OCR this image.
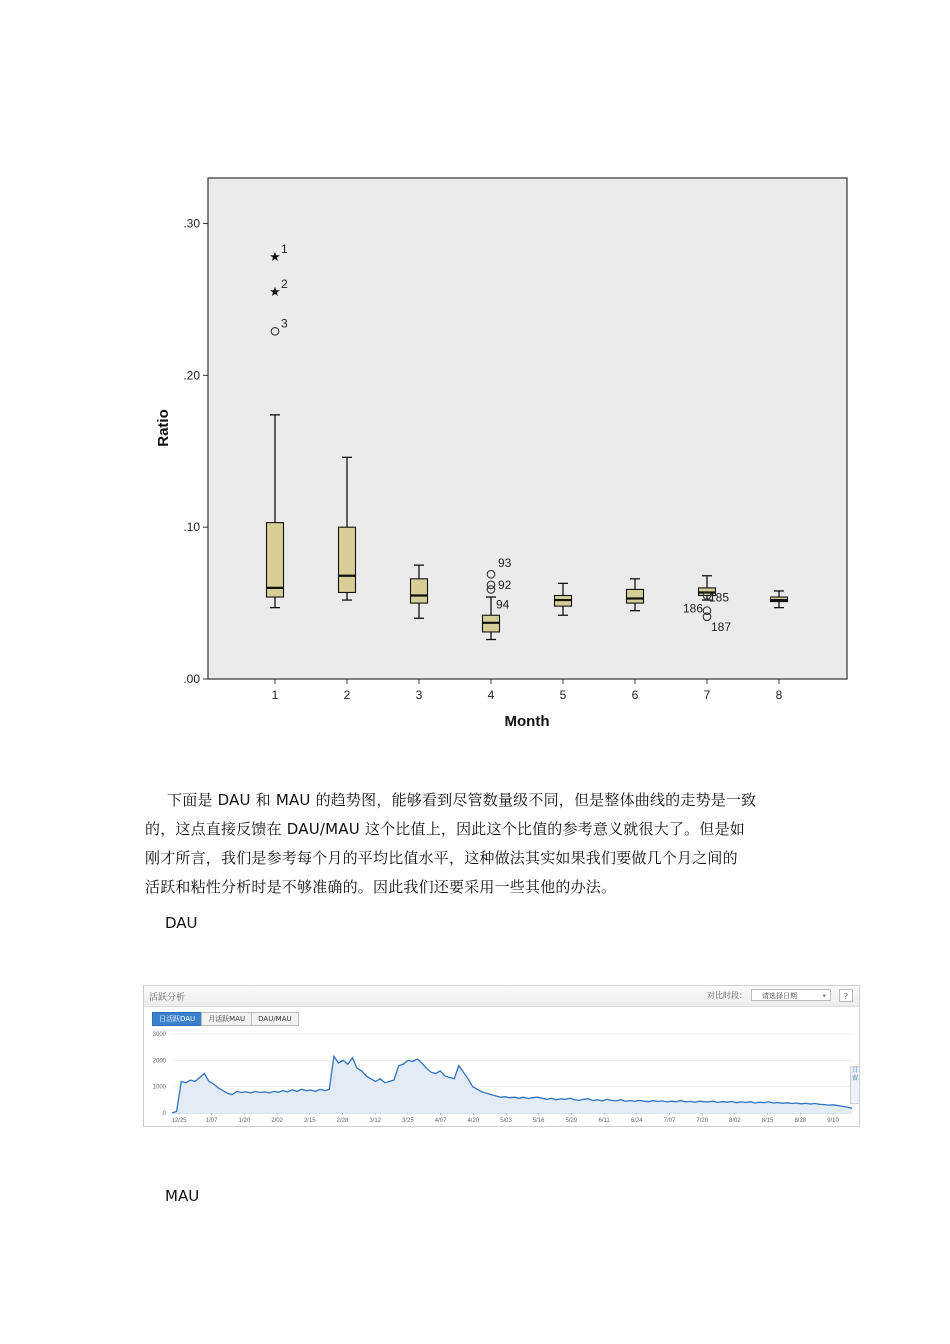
Ratio
Month
.00
.10
.20
.30
1	2	3	4	5	6	7	8
★
1
★
2
3
93
92
94	186
187
185

下面是 DAU 和 MAU 的趋势图，能够看到尽管数量级不同，但是整体曲线的走势是一致

的，这点直接反馈在 DAU/MAU 这个比值上，因此这个比值的参考意义就很大了。但是如

刚才所言，我们是参考每个月的平均比值水平，这种做法其实如果我们要做几个月之间的

活跃和粘性分析时是不够准确的。因此我们还要采用一些其他的办法。

DAU
活跃分析	对比时段：	请选择日期 ▾	?
日活跃DAU	月活跃MAU	DAU/MAU
0
1000
2000
3000
12/25	1/07	1/20	2/02	2/15	2/28	3/12	3/25	4/07	4/20	5/03	5/16	5/29	6/11	6/24	7/07	7/20	8/02	8/15	8/28	9/10
日 留
MAU
